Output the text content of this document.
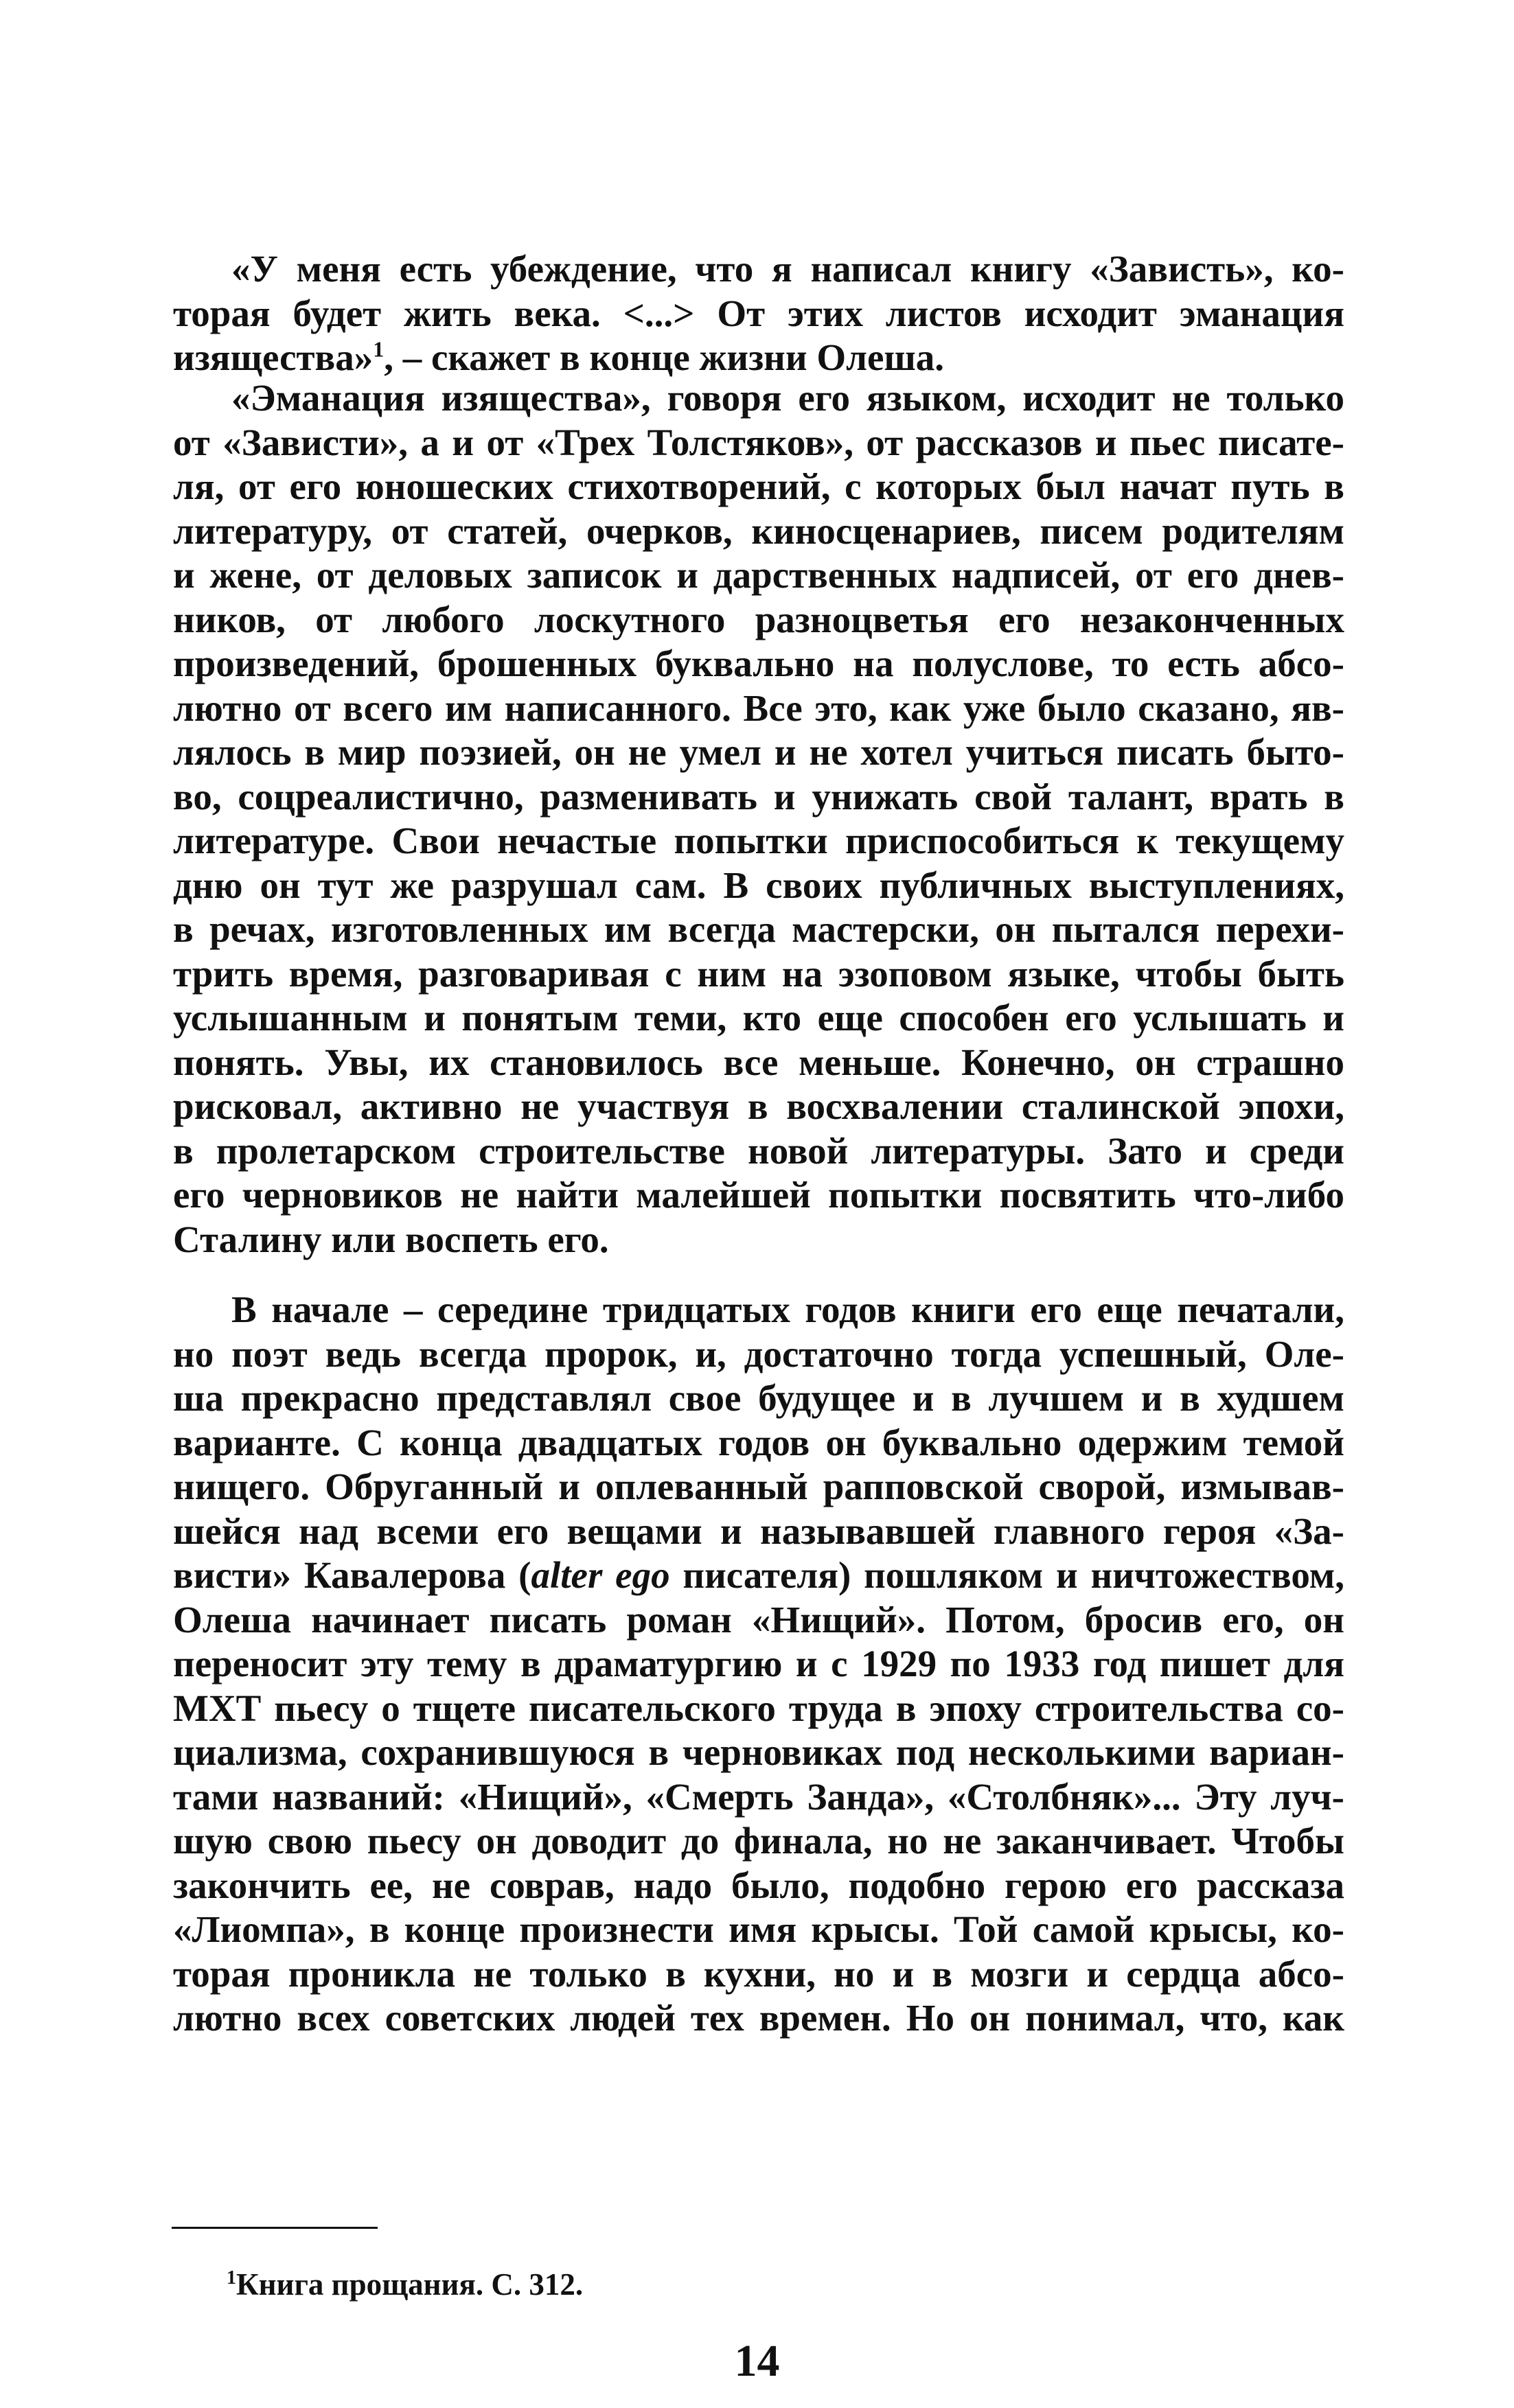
«У меня есть убеждение, что я написал книгу «Зависть», ко-
торая будет жить века. <...> От этих листов исходит эманация
изящества»$^1$, – скажет в конце жизни Олеша.
«Эманация изящества», говоря его языком, исходит не только
от «Зависти», а и от «Трех Толстяков», от рассказов и пьес писате-
ля, от его юношеских стихотворений, с которых был начат путь в
литературу, от статей, очерков, киносценариев, писем родителям
и жене, от деловых записок и дарственных надписей, от его днев-
ников, от любого лоскутного разноцветья его незаконченных
произведений, брошенных буквально на полуслове, то есть абсо-
лютно от всего им написанного. Все это, как уже было сказано, яв-
лялось в мир поэзией, он не умел и не хотел учиться писать быто-
во, соцреалистично, разменивать и унижать свой талант, врать в
литературе. Свои нечастые попытки приспособиться к текущему
дню он тут же разрушал сам. В своих публичных выступлениях,
в речах, изготовленных им всегда мастерски, он пытался перехи-
трить время, разговаривая с ним на эзоповом языке, чтобы быть
услышанным и понятым теми, кто еще способен его услышать и
понять. Увы, их становилось все меньше. Конечно, он страшно
рисковал, активно не участвуя в восхвалении сталинской эпохи,
в пролетарском строительстве новой литературы. Зато и среди
его черновиков не найти малейшей попытки посвятить что-либо
Сталину или воспеть его.
В начале – середине тридцатых годов книги его еще печатали,
но поэт ведь всегда пророк, и, достаточно тогда успешный, Оле-
ша прекрасно представлял свое будущее и в лучшем и в худшем
варианте. С конца двадцатых годов он буквально одержим темой
нищего. Обруганный и оплеванный рапповской сворой, измывав-
шейся над всеми его вещами и называвшей главного героя «За-
висти» Кавалерова (alter ego писателя) пошляком и ничтожеством,
Олеша начинает писать роман «Нищий». Потом, бросив его, он
переносит эту тему в драматургию и с 1929 по 1933 год пишет для
МХТ пьесу о тщете писательского труда в эпоху строительства со-
циализма, сохранившуюся в черновиках под несколькими вариан-
тами названий: «Нищий», «Смерть Занда», «Столбняк»... Эту луч-
шую свою пьесу он доводит до финала, но не заканчивает. Чтобы
закончить ее, не соврав, надо было, подобно герою его рассказа
«Лиомпа», в конце произнести имя крысы. Той самой крысы, ко-
торая проникла не только в кухни, но и в мозги и сердца абсо-
лютно всех советских людей тех времен. Но он понимал, что, как
$^1$Книга прощания. С. 312.
14
